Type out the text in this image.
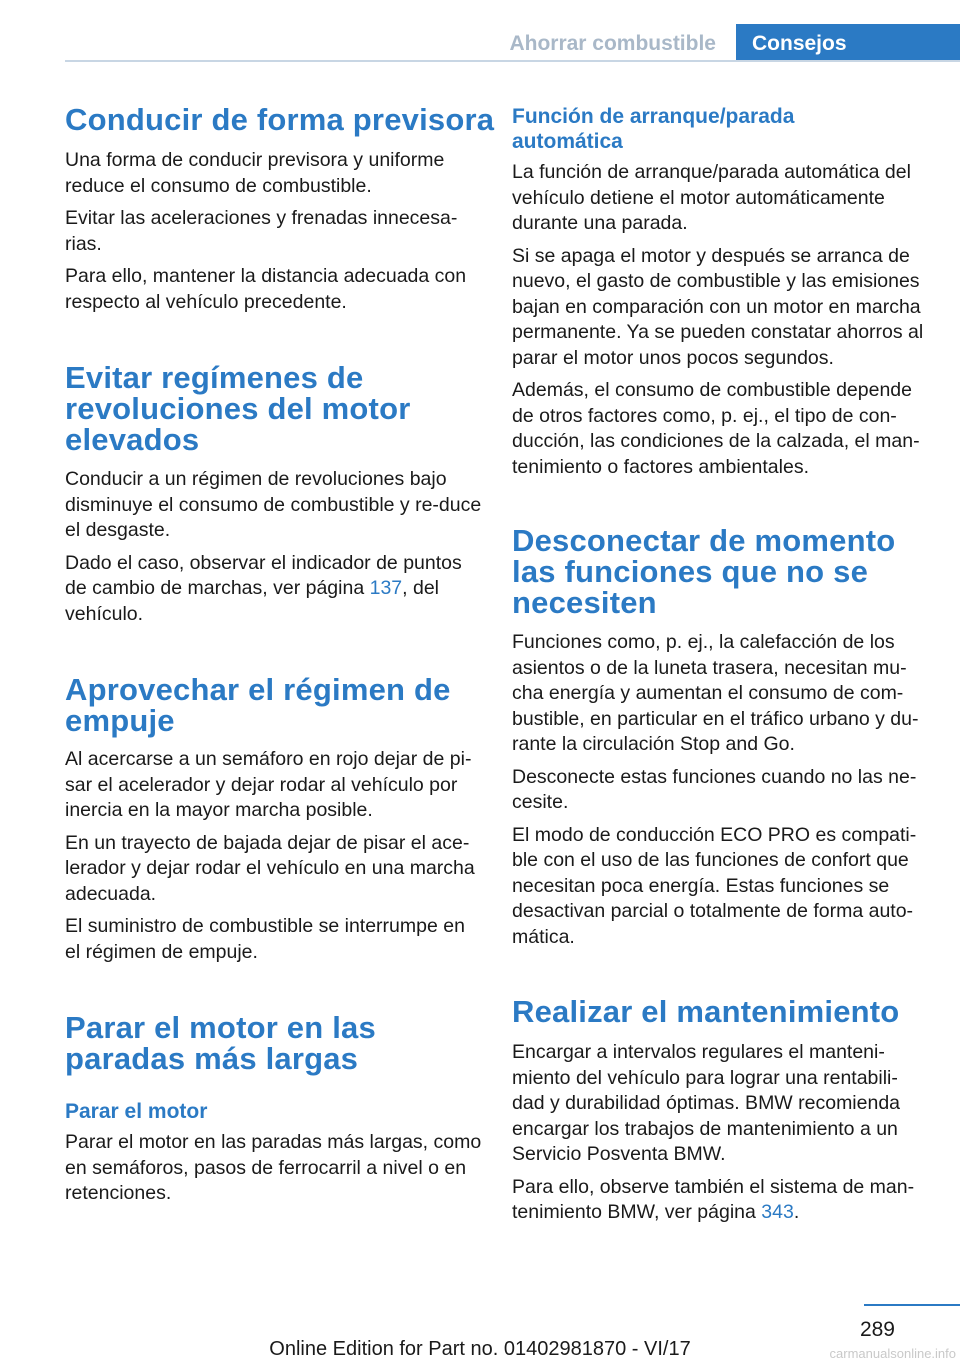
Ahorrar combustible	Consejos
Conducir de forma previsora

Una forma de conducir previsora y uniforme reduce el consumo de combustible.

Evitar las aceleraciones y frenadas innecesa‐rias.

Para ello, mantener la distancia adecuada con respecto al vehículo precedente.

Evitar regímenes de revoluciones del motor elevados

Conducir a un régimen de revoluciones bajo disminuye el consumo de combustible y re‐duce el desgaste.

Dado el caso, observar el indicador de puntos de cambio de marchas, ver página 137, del vehículo.

Aprovechar el régimen de empuje

Al acercarse a un semáforo en rojo dejar de pi‐sar el acelerador y dejar rodar al vehículo por inercia en la mayor marcha posible.

En un trayecto de bajada dejar de pisar el ace‐lerador y dejar rodar el vehículo en una marcha adecuada.

El suministro de combustible se interrumpe en el régimen de empuje.

Parar el motor en las paradas más largas
Parar el motor

Parar el motor en las paradas más largas, como en semáforos, pasos de ferrocarril a nivel o en retenciones.

Función de arranque/parada automática

La función de arranque/parada automática del vehículo detiene el motor automáticamente durante una parada.

Si se apaga el motor y después se arranca de nuevo, el gasto de combustible y las emisiones bajan en comparación con un motor en marcha permanente. Ya se pueden constatar ahorros al parar el motor unos pocos segundos.

Además, el consumo de combustible depende de otros factores como, p. ej., el tipo de con‐ducción, las condiciones de la calzada, el man‐tenimiento o factores ambientales.

Desconectar de momento las funciones que no se necesiten

Funciones como, p. ej., la calefacción de los asientos o de la luneta trasera, necesitan mu‐cha energía y aumentan el consumo de com‐bustible, en particular en el tráfico urbano y du‐rante la circulación Stop and Go.

Desconecte estas funciones cuando no las ne‐cesite.

El modo de conducción ECO PRO es compati‐ble con el uso de las funciones de confort que necesitan poca energía. Estas funciones se desactivan parcial o totalmente de forma auto‐mática.

Realizar el mantenimiento

Encargar a intervalos regulares el manteni‐miento del vehículo para lograr una rentabili‐dad y durabilidad óptimas. BMW recomienda encargar los trabajos de mantenimiento a un Servicio Posventa BMW.

Para ello, observe también el sistema de man‐tenimiento BMW, ver página 343.

289
Online Edition for Part no. 01402981870 - VI/17	carmanualsonline.info
